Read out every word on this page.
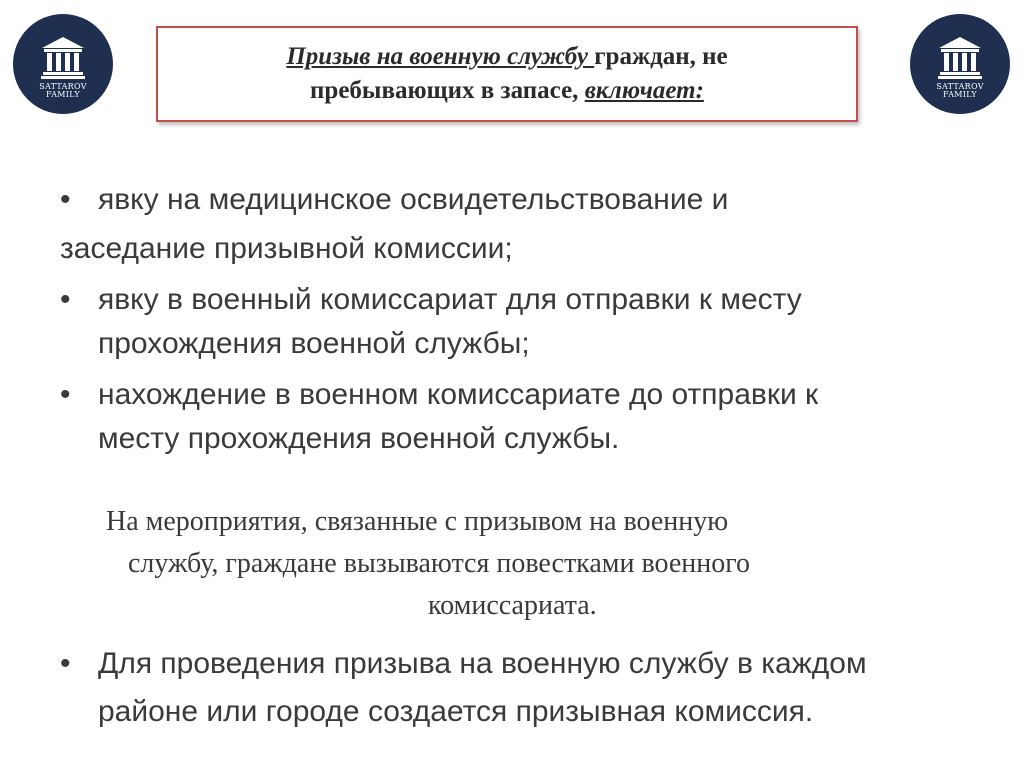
SATTAROV
FAMILY
SATTAROV
FAMILY
Призыв на военную службу граждан, не
пребывающих в запасе, включает:
• явку на медицинское освидетельствование и
заседание призывной комиссии;
• явку в военный комиссариат для отправки к месту
прохождения военной службы;
• нахождение в военном комиссариате до отправки к
месту прохождения военной службы.
На мероприятия, связанные с призывом на военную
службу, граждане вызываются повестками военного
комиссариата.
• Для проведения призыва на военную службу в каждом
районе или городе создается призывная комиссия.
